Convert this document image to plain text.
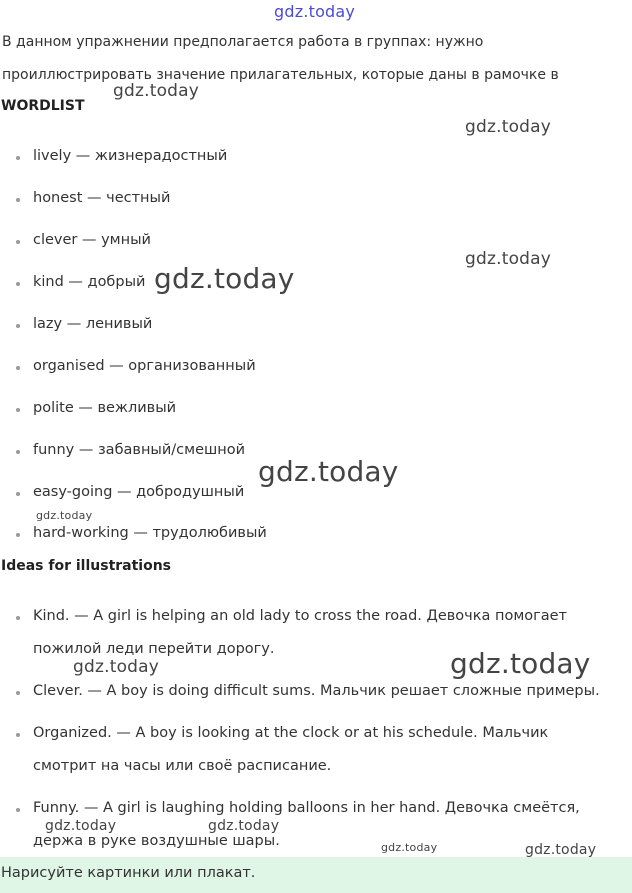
gdz.today
В данном упражнении предполагается работа в группах: нужно
проиллюстрировать значение прилагательных, которые даны в рамочке в
WORDLIST
lively — жизнерадостный
honest — честный
clever — умный
kind — добрый
lazy — ленивый
organised — организованный
polite — вежливый
funny — забавный/смешной
easy-going — добродушный
hard-working — трудолюбивый
Ideas for illustrations
Kind. — A girl is helping an old lady to cross the road. Девочка помогает
пожилой леди перейти дорогу.
Clever. — A boy is doing difficult sums. Мальчик решает сложные примеры.
Organized. — A boy is looking at the clock or at his schedule. Мальчик
смотрит на часы или своё расписание.
Funny. — A girl is laughing holding balloons in her hand. Девочка смеётся,
держа в руке воздушные шары.
Нарисуйте картинки или плакат.
gdz.today
gdz.today
gdz.today
gdz.today
gdz.today
gdz.today
gdz.today	gdz.today
gdz.today	gdz.today
gdz.today	gdz.today
